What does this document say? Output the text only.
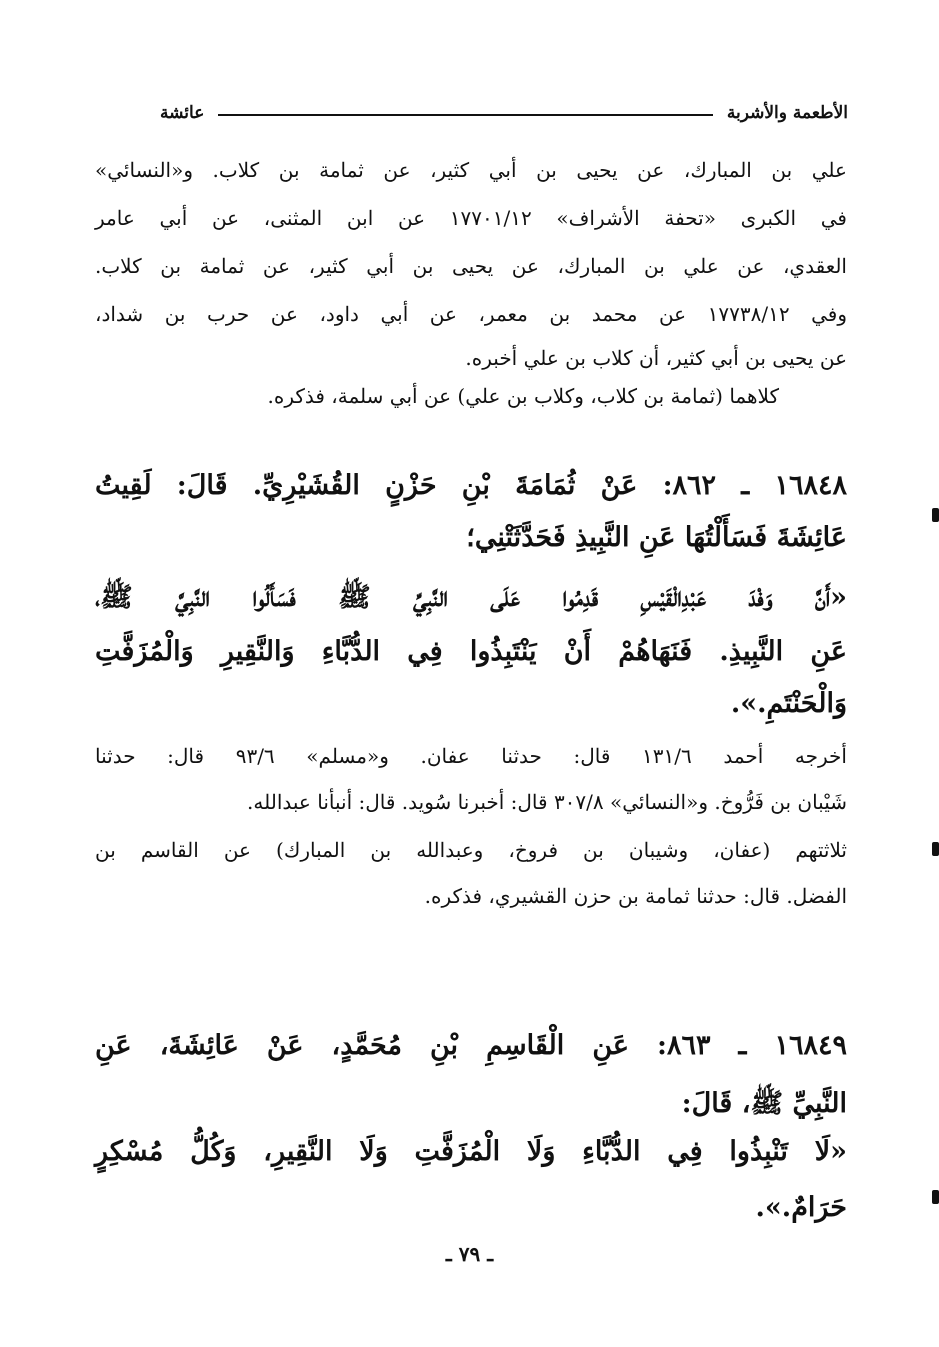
الأطعمة والأشربة
عائشة
علي بن المبارك، عن يحيى بن أبي كثير، عن ثمامة بن كلاب. و«النسائي»
في الكبرى «تحفة الأشراف» ١٧٧٠١/١٢ عن ابن المثنى، عن أبي عامر
العقدي، عن علي بن المبارك، عن يحيى بن أبي كثير، عن ثمامة بن كلاب.
وفي ١٧٧٣٨/١٢ عن محمد بن معمر، عن أبي داود، عن حرب بن شداد،
عن يحيى بن أبي كثير، أن كلاب بن علي أخبره.
كلاهما (ثمامة بن كلاب، وكلاب بن علي) عن أبي سلمة، فذكره.
١٦٨٤٨ ـ ٨٦٢: عَنْ ثُمَامَةَ بْنِ حَزْنٍ القُشَيْرِيِّ. قَالَ: لَقِيتُ
عَائِشَةَ فَسَأَلْتُهَا عَنِ النَّبِيذِ فَحَدَّثَتْنِي؛
«أَنَّ وَفْدَ عَبْدِالْقَيْسِ قَدِمُوا عَلَى النَّبِيِّ ﷺ فَسَأَلُوا النَّبِيَّ ﷺ،
عَنِ النَّبِيذِ. فَنَهَاهُمْ أَنْ يَنْتَبِذُوا فِي الدُّبَّاءِ وَالنَّقِيرِ وَالْمُزَفَّتِ
وَالْحَنْتَمِ.».
أخرجه أحمد ١٣١/٦ قال: حدثنا عفان. و«مسلم» ٩٣/٦ قال: حدثنا
شَيْبان بن فَرُّوخ. و«النسائي» ٣٠٧/٨ قال: أخبرنا سُويد. قال: أنبأنا عبدالله.
ثلاثتهم (عفان، وشيبان بن فروخ، وعبدالله بن المبارك) عن القاسم بن
الفضل. قال: حدثنا ثمامة بن حزن القشيري، فذكره.
١٦٨٤٩ ـ ٨٦٣: عَنِ الْقَاسِمِ بْنِ مُحَمَّدٍ، عَنْ عَائِشَةَ، عَنِ
النَّبِيِّ ﷺ، قَالَ:
«لَا تَنْبِذُوا فِي الدُّبَّاءِ وَلَا الْمُزَفَّتِ وَلَا النَّقِيرِ، وَكُلُّ مُسْكِرٍ
حَرَامٌ.».
ـ ٧٩ ـ
